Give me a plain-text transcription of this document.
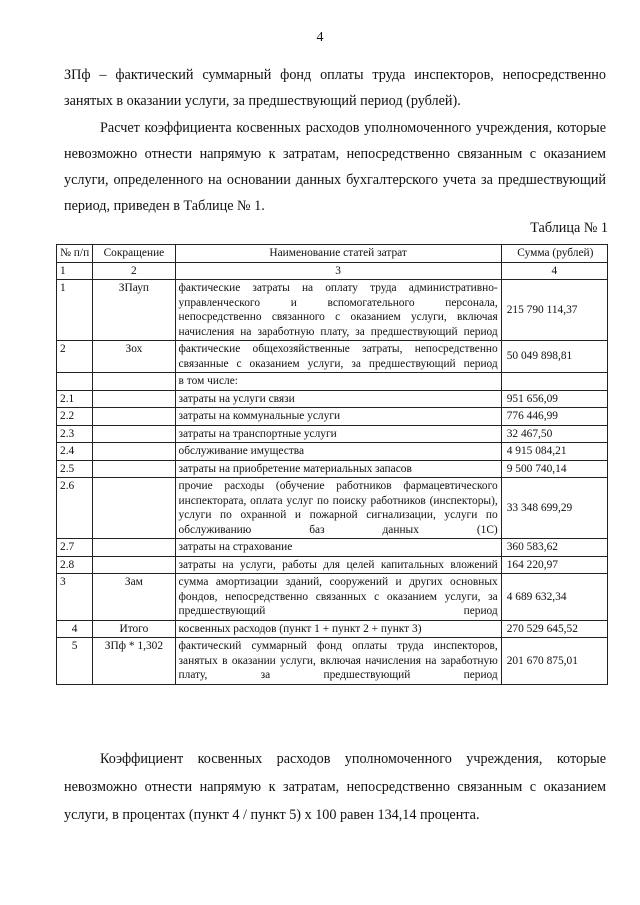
4
ЗПф – фактический суммарный фонд оплаты труда инспекторов, непосредственно занятых в оказании услуги, за предшествующий период (рублей).
Расчет коэффициента косвенных расходов уполномоченного учреждения, которые невозможно отнести напрямую к затратам, непосредственно связанным с оказанием услуги, определенного на основании данных бухгалтерского учета за предшествующий период, приведен в Таблице № 1.
Таблица № 1
№ п/п	Сокращение	Наименование статей затрат	Сумма (рублей)
1	2	3	4
1	ЗПауп	фактические затраты на оплату труда административно-управленческого и вспомогательного персонала, непосредственно связанного с оказанием услуги, включая начисления на заработную плату, за предшествующий период	215 790 114,37
2	Зох	фактические общехозяйственные затраты, непосредственно связанные с оказанием услуги, за предшествующий период	50 049 898,81
		в том числе:	
2.1		затраты на услуги связи	951 656,09
2.2		затраты на коммунальные услуги	776 446,99
2.3		затраты на транспортные услуги	32 467,50
2.4		обслуживание имущества	4 915 084,21
2.5		затраты на приобретение материальных запасов	9 500 740,14
2.6		прочие расходы (обучение работников фармацевтического инспектората, оплата услуг по поиску работников (инспекторы), услуги по охранной и пожарной сигнализации, услуги по обслуживанию баз данных (1С)	33 348 699,29
2.7		затраты на страхование	360 583,62
2.8		затраты на услуги, работы для целей капитальных вложений	164 220,97
3	Зам	сумма амортизации зданий, сооружений и других основных фондов, непосредственно связанных с оказанием услуги, за предшествующий период	4 689 632,34
4	Итого	косвенных расходов (пункт 1 + пункт 2 + пункт 3)	270 529 645,52
5	ЗПф * 1,302	фактический суммарный фонд оплаты труда инспекторов, занятых в оказании услуги, включая начисления на заработную плату, за предшествующий период	201 670 875,01
Коэффициент косвенных расходов уполномоченного учреждения, которые невозможно отнести напрямую к затратам, непосредственно связанным с оказанием услуги, в процентах (пункт 4 / пункт 5) х 100 равен 134,14 процента.
